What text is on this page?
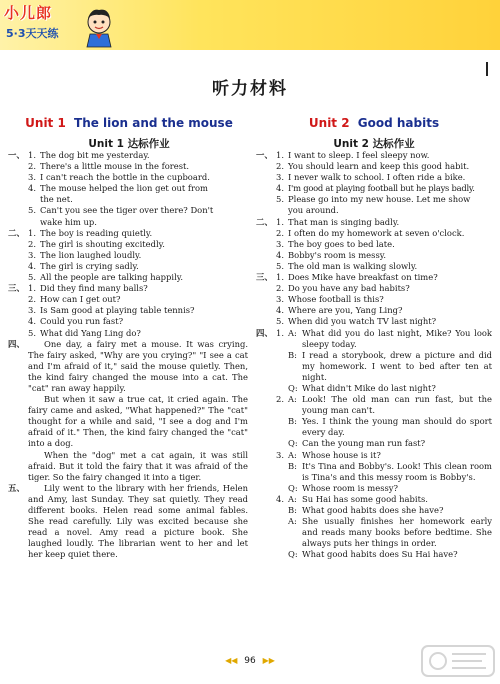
小儿郎
5·3天天练
听力材料
Unit 1 The lion and the mouse	Unit 2 Good habits
Unit 1 达标作业	Unit 2 达标作业
一、 1. The dog bit me yesterday.
2. There's a little mouse in the forest.
3. I can't reach the bottle in the cupboard.
4. The mouse helped the lion get out from
the net.
5. Can't you see the tiger over there? Don't
wake him up.
二、 1. The boy is reading quietly.
2. The girl is shouting excitedly.
3. The lion laughed loudly.
4. The girl is crying sadly.
5. All the people are talking happily.
三、 1. Did they find many balls?
2. How can I get out?
3. Is Sam good at playing table tennis?
4. Could you run fast?
5. What did Yang Ling do?
四、	One day, a fairy met a mouse. It was crying. The fairy asked, "Why are you crying?" "I see a cat and I'm afraid of it," said the mouse quietly. Then, the kind fairy changed the mouse into a cat. The "cat" ran away happily.
But when it saw a true cat, it cried again. The fairy came and asked, "What happened?" The "cat" thought for a while and said, "I see a dog and I'm afraid of it." Then, the kind fairy changed the "cat" into a dog.
When the "dog" met a cat again, it was still afraid. But it told the fairy that it was afraid of the tiger. So the fairy changed it into a tiger.
五、	Lily went to the library with her friends, Helen and Amy, last Sunday. They sat quietly. They read different books. Helen read some animal fables. She read carefully. Lily was excited because she read a novel. Amy read a picture book. She laughed loudly. The librarian went to her and let her keep quiet there.
一、 1. I want to sleep. I feel sleepy now.
2. You should learn and keep this good habit.
3. I never walk to school. I often ride a bike.
4. I'm good at playing football but he plays badly.
5. Please go into my new house. Let me show
you around.
二、 1. That man is singing badly.
2. I often do my homework at seven o'clock.
3. The boy goes to bed late.
4. Bobby's room is messy.
5. The old man is walking slowly.
三、 1. Does Mike have breakfast on time?
2. Do you have any bad habits?
3. Whose football is this?
4. Where are you, Yang Ling?
5. When did you watch TV last night?
四、 1. A: What did you do last night, Mike? You look sleepy today.
B: I read a storybook, drew a picture and did my homework. I went to bed after ten at night.
Q: What didn't Mike do last night?
2. A: Look! The old man can run fast, but the young man can't.
B: Yes. I think the young man should do sport every day.
Q: Can the young man run fast?
3. A: Whose house is it?
B: It's Tina and Bobby's. Look! This clean room is Tina's and this messy room is Bobby's.
Q: Whose room is messy?
4. A: Su Hai has some good habits.
B: What good habits does she have?
A: She usually finishes her homework early and reads many books before bedtime. She always puts her things in order.
Q: What good habits does Su Hai have?
◀◀ 96 ▶▶
